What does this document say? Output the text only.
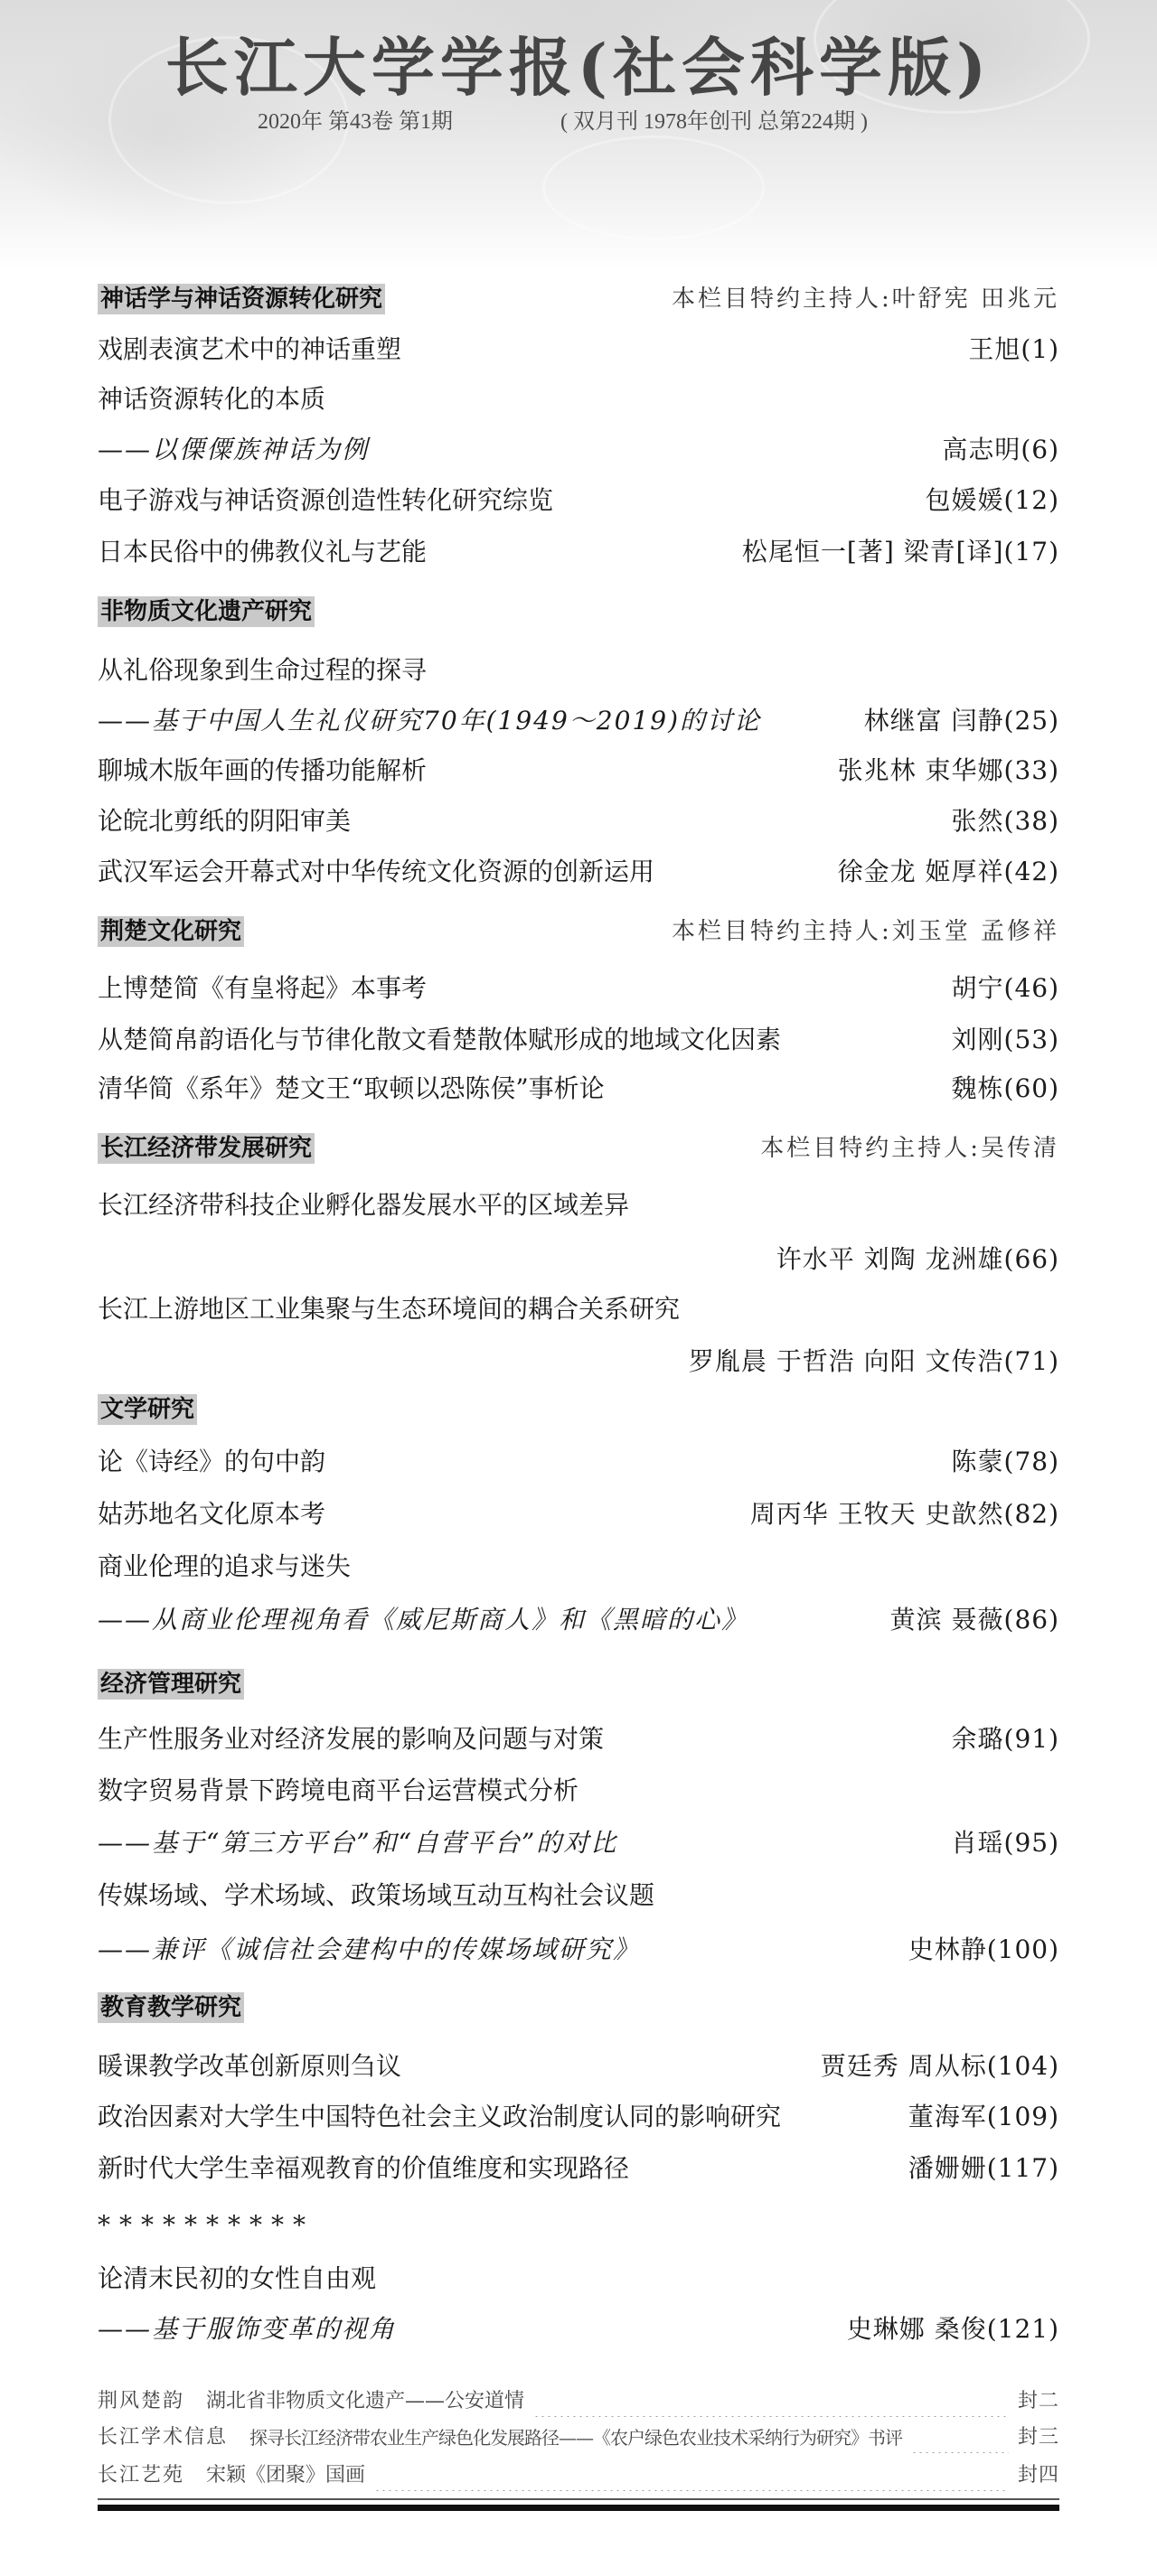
长江大学学报(社会科学版)
2020年 第43卷 第1期	( 双月刊 1978年创刊 总第224期 )
神话学与神话资源转化研究	本栏目特约主持人:叶舒宪 田兆元
戏剧表演艺术中的神话重塑	王旭 (1)
神话资源转化的本质
——以傈僳族神话为例	高志明 (6)
电子游戏与神话资源创造性转化研究综览	包媛媛 (12)
日本民俗中的佛教仪礼与艺能	松尾恒一[著] 梁青[译] (17)
非物质文化遗产研究
从礼俗现象到生命过程的探寻
——基于中国人生礼仪研究70年(1949～2019)的讨论	林继富 闫静 (25)
聊城木版年画的传播功能解析	张兆林 束华娜 (33)
论皖北剪纸的阴阳审美	张然 (38)
武汉军运会开幕式对中华传统文化资源的创新运用	徐金龙 姬厚祥 (42)
荆楚文化研究	本栏目特约主持人:刘玉堂 孟修祥
上博楚简《有皇将起》本事考	胡宁 (46)
从楚简帛韵语化与节律化散文看楚散体赋形成的地域文化因素	刘刚 (53)
清华简《系年》楚文王“取顿以恐陈侯”事析论	魏栋 (60)
长江经济带发展研究	本栏目特约主持人:吴传清
长江经济带科技企业孵化器发展水平的区域差异
许水平 刘陶 龙洲雄 (66)
长江上游地区工业集聚与生态环境间的耦合关系研究
罗胤晨 于哲浩 向阳 文传浩 (71)
文学研究
论《诗经》的句中韵	陈蒙 (78)
姑苏地名文化原本考	周丙华 王牧天 史歆然 (82)
商业伦理的追求与迷失
——从商业伦理视角看《威尼斯商人》和《黑暗的心》	黄滨 聂薇 (86)
经济管理研究
生产性服务业对经济发展的影响及问题与对策	余璐 (91)
数字贸易背景下跨境电商平台运营模式分析
——基于“第三方平台”和“自营平台”的对比	肖瑶 (95)
传媒场域、学术场域、政策场域互动互构社会议题
——兼评《诚信社会建构中的传媒场域研究》	史林静 (100)
教育教学研究
暖课教学改革创新原则刍议	贾廷秀 周从标 (104)
政治因素对大学生中国特色社会主义政治制度认同的影响研究	董海军 (109)
新时代大学生幸福观教育的价值维度和实现路径	潘姗姗 (117)
**********
论清末民初的女性自由观
——基于服饰变革的视角	史琳娜 桑俊 (121)
荆风楚韵 湖北省非物质文化遗产——公安道情	封二
长江学术信息 探寻长江经济带农业生产绿色化发展路径——《农户绿色农业技术采纳行为研究》书评	封三
长江艺苑 宋颖《团聚》国画	封四
